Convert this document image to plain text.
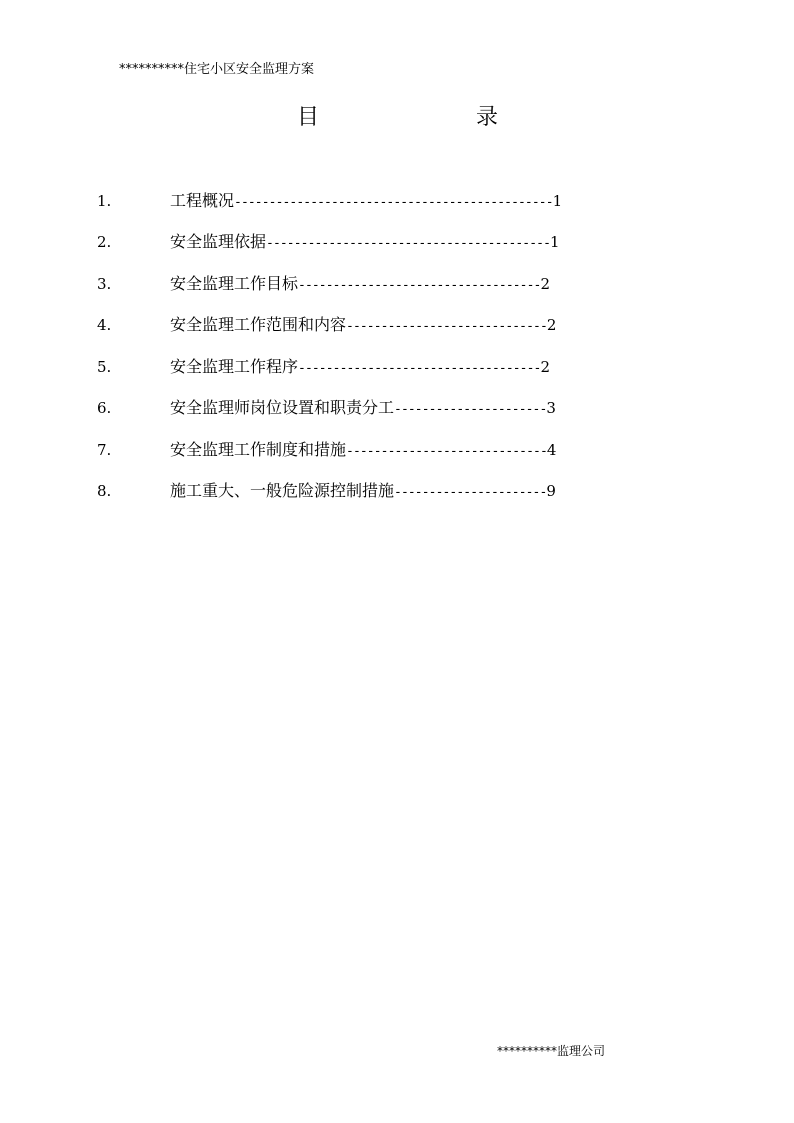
**********住宅小区安全监理方案
目	录
1.	工程概况----------------------------------------------1
2.	安全监理依据-----------------------------------------1
3.	安全监理工作目标-----------------------------------2
4.	安全监理工作范围和内容-----------------------------2
5.	安全监理工作程序-----------------------------------2
6.	安全监理师岗位设置和职责分工----------------------3
7.	安全监理工作制度和措施-----------------------------4
8.	施工重大、一般危险源控制措施----------------------9
**********监理公司
